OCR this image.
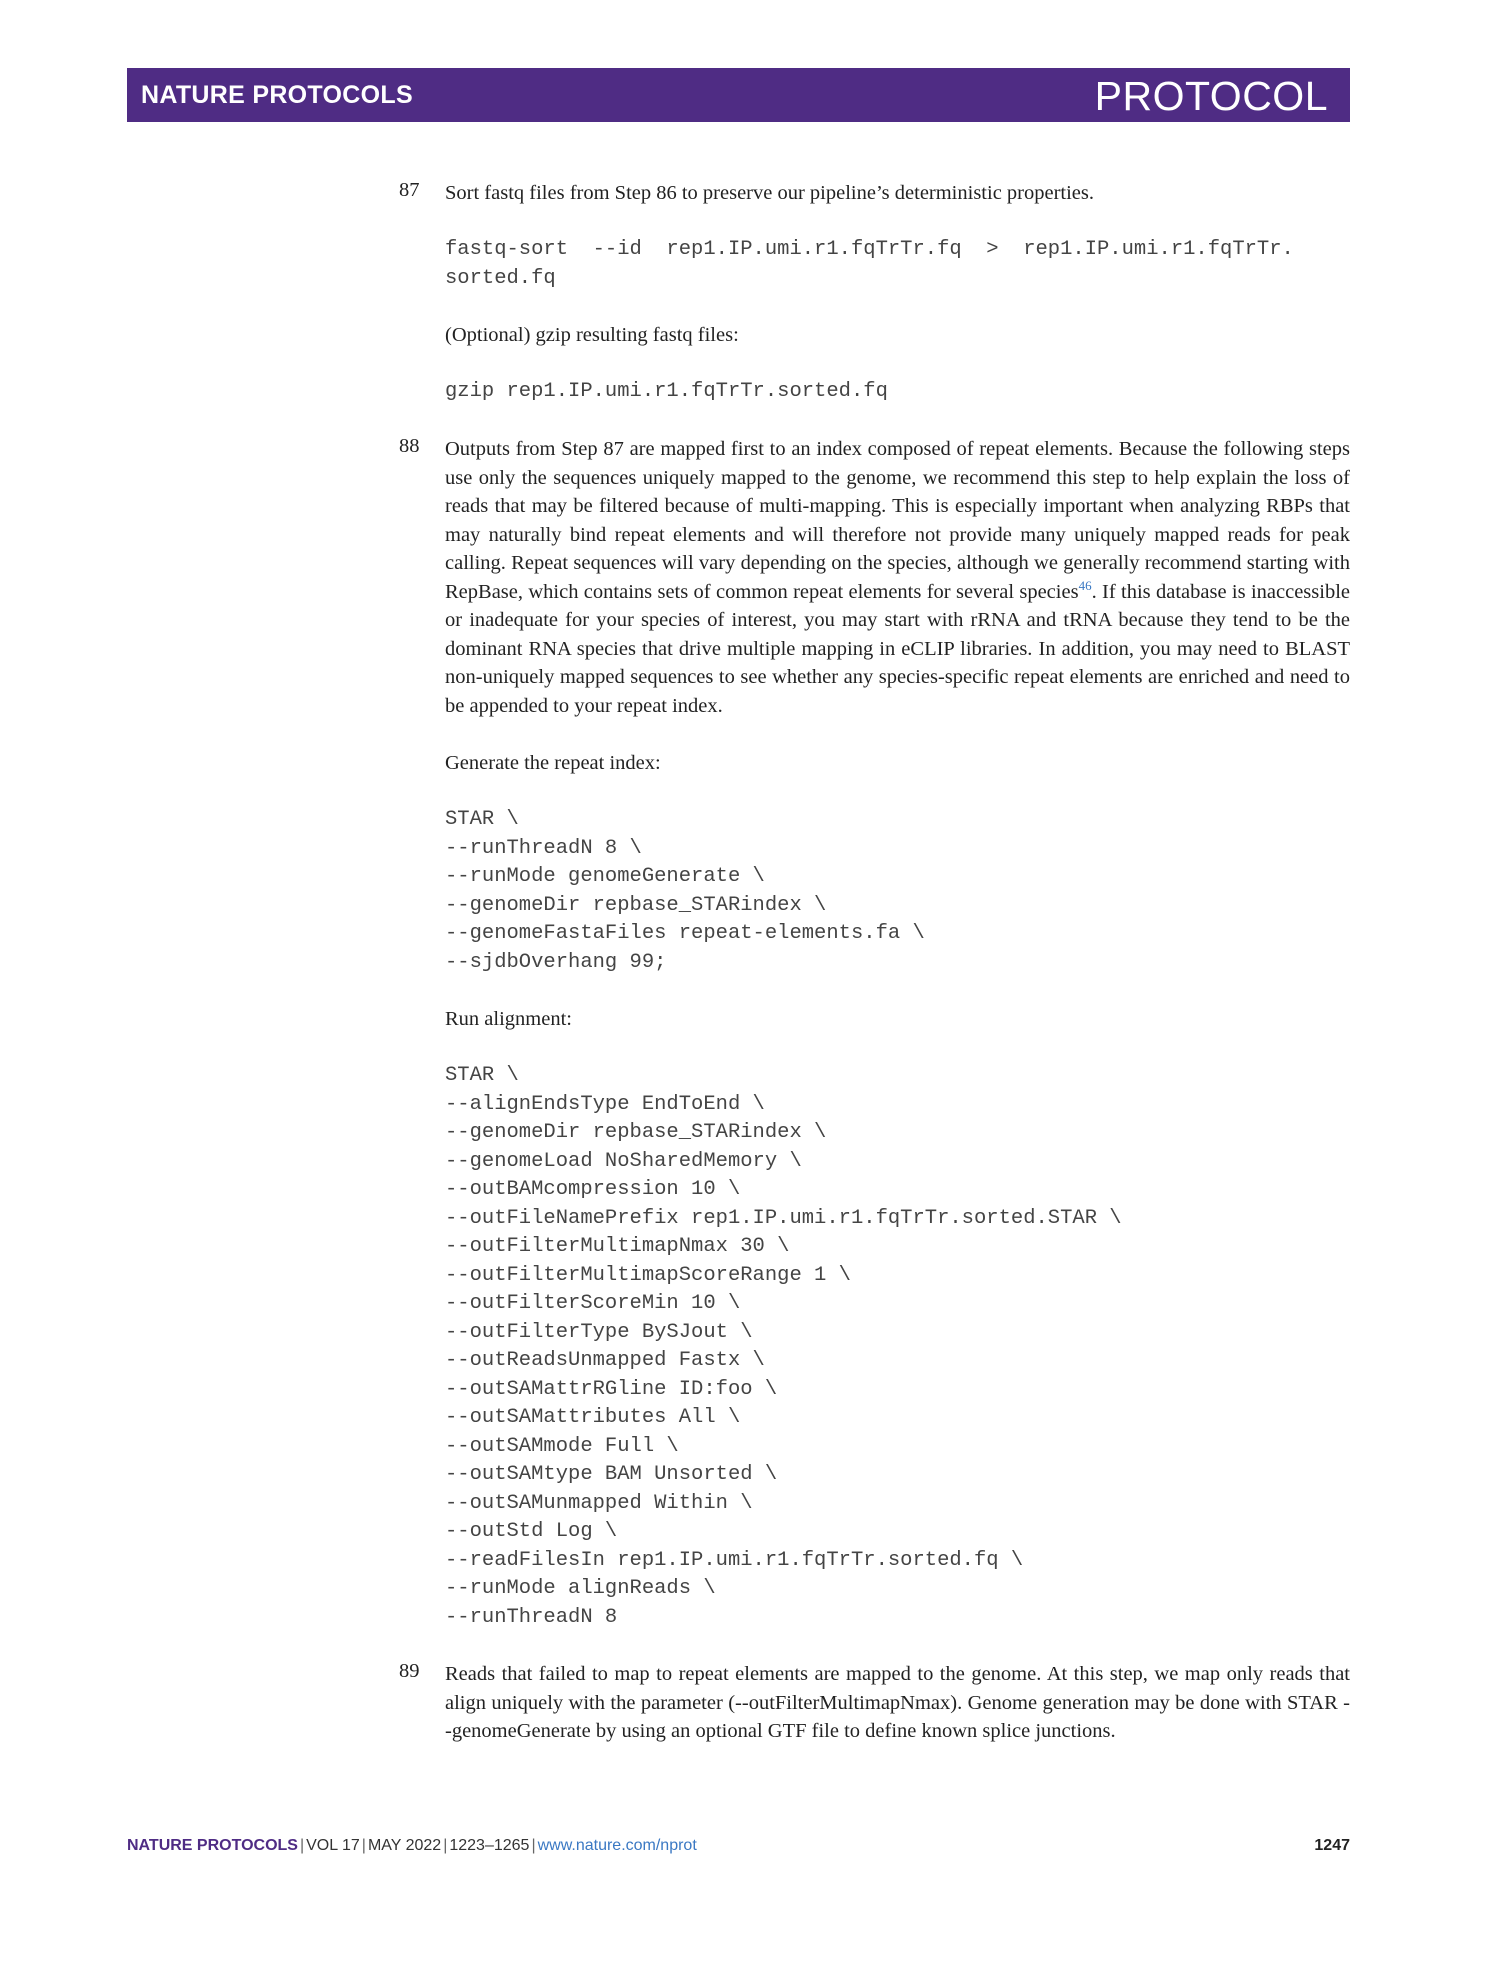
NATURE PROTOCOLS	PROTOCOL
87 Sort fastq files from Step 86 to preserve our pipeline’s deterministic properties.
fastq-sort  --id  rep1.IP.umi.r1.fqTrTr.fq  >  rep1.IP.umi.r1.fqTrTr.
sorted.fq
(Optional) gzip resulting fastq files:
gzip rep1.IP.umi.r1.fqTrTr.sorted.fq
88 Outputs from Step 87 are mapped first to an index composed of repeat elements. Because the following steps use only the sequences uniquely mapped to the genome, we recommend this step to help explain the loss of reads that may be filtered because of multi-mapping. This is especially important when analyzing RBPs that may naturally bind repeat elements and will therefore not provide many uniquely mapped reads for peak calling. Repeat sequences will vary depending on the species, although we generally recommend starting with RepBase, which contains sets of common repeat elements for several species$^{46}$. If this database is inaccessible or inadequate for your species of interest, you may start with rRNA and tRNA because they tend to be the dominant RNA species that drive multiple mapping in eCLIP libraries. In addition, you may need to BLAST non-uniquely mapped sequences to see whether any species-specific repeat elements are enriched and need to be appended to your repeat index.

Generate the repeat index:
STAR \
--runThreadN 8 \
--runMode genomeGenerate \
--genomeDir repbase_STARindex \
--genomeFastaFiles repeat-elements.fa \
--sjdbOverhang 99;
Run alignment:
STAR \
--alignEndsType EndToEnd \
--genomeDir repbase_STARindex \
--genomeLoad NoSharedMemory \
--outBAMcompression 10 \
--outFileNamePrefix rep1.IP.umi.r1.fqTrTr.sorted.STAR \
--outFilterMultimapNmax 30 \
--outFilterMultimapScoreRange 1 \
--outFilterScoreMin 10 \
--outFilterType BySJout \
--outReadsUnmapped Fastx \
--outSAMattrRGline ID:foo \
--outSAMattributes All \
--outSAMmode Full \
--outSAMtype BAM Unsorted \
--outSAMunmapped Within \
--outStd Log \
--readFilesIn rep1.IP.umi.r1.fqTrTr.sorted.fq \
--runMode alignReads \
--runThreadN 8
89 Reads that failed to map to repeat elements are mapped to the genome. At this step, we map only reads that align uniquely with the parameter (--outFilterMultimapNmax). Genome generation may be done with STAR --genomeGenerate by using an optional GTF file to define known splice junctions.

NATURE PROTOCOLS | VOL 17 | MAY 2022 | 1223–1265 | www.nature.com/nprot	1247
